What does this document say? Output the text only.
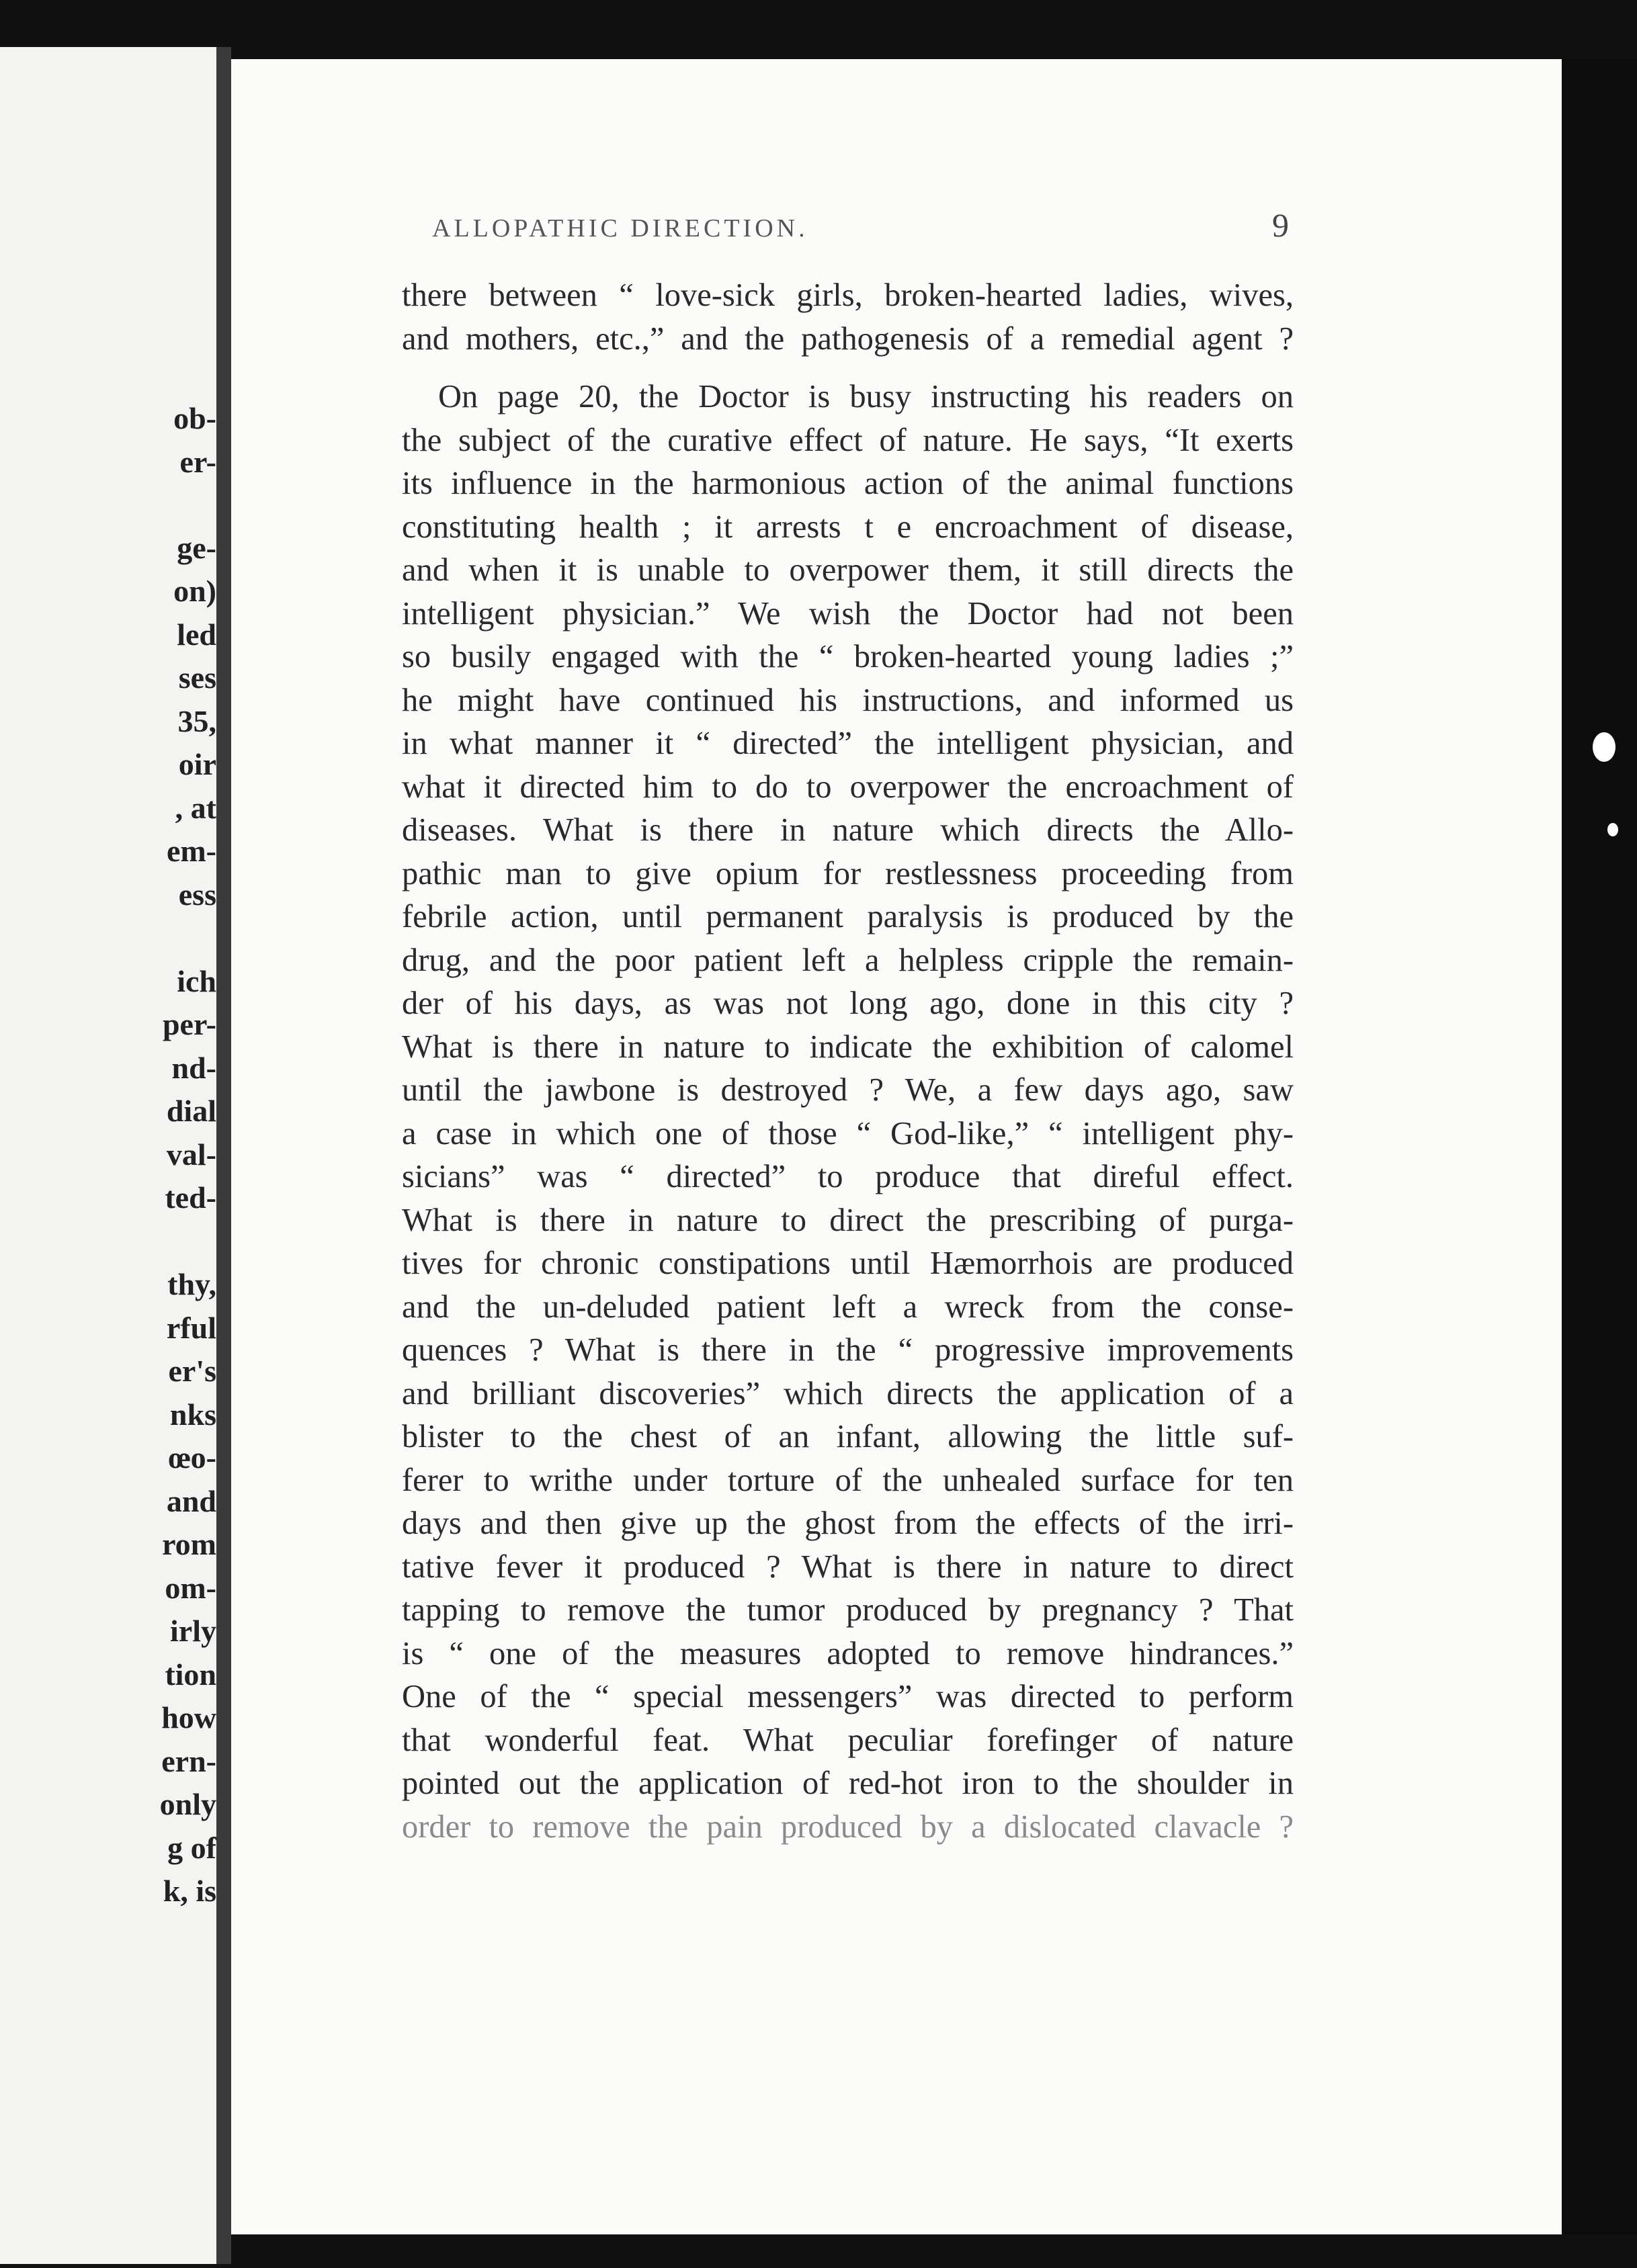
ob-
er-
ge-
on)
led
ses
35,
oir
, at
em-
ess
ich
per-
nd-
dial
val-
ted-
thy,
rful
er's
nks
œo-
and
rom
om-
irly
tion
how
ern-
only
g of
k, is
ALLOPATHIC DIRECTION.	9
there between “ love-sick girls, broken-hearted ladies, wives,
and mothers, etc.,” and the pathogenesis of a remedial agent ?
On page 20, the Doctor is busy instructing his readers on
the subject of the curative effect of nature. He says, “It exerts
its influence in the harmonious action of the animal functions
constituting health ; it arrests t e encroachment of disease,
and when it is unable to overpower them, it still directs the
intelligent physician.” We wish the Doctor had not been
so busily engaged with the “ broken-hearted young ladies ;”
he might have continued his instructions, and informed us
in what manner it “ directed” the intelligent physician, and
what it directed him to do to overpower the encroachment of
diseases. What is there in nature which directs the Allo-
pathic man to give opium for restlessness proceeding from
febrile action, until permanent paralysis is produced by the
drug, and the poor patient left a helpless cripple the remain-
der of his days, as was not long ago, done in this city ?
What is there in nature to indicate the exhibition of calomel
until the jawbone is destroyed ? We, a few days ago, saw
a case in which one of those “ God-like,” “ intelligent phy-
sicians” was “ directed” to produce that direful effect.
What is there in nature to direct the prescribing of purga-
tives for chronic constipations until Hæmorrhois are produced
and the un-deluded patient left a wreck from the conse-
quences ? What is there in the “ progressive improvements
and brilliant discoveries” which directs the application of a
blister to the chest of an infant, allowing the little suf-
ferer to writhe under torture of the unhealed surface for ten
days and then give up the ghost from the effects of the irri-
tative fever it produced ? What is there in nature to direct
tapping to remove the tumor produced by pregnancy ? That
is “ one of the measures adopted to remove hindrances.”
One of the “ special messengers” was directed to perform
that wonderful feat. What peculiar forefinger of nature
pointed out the application of red-hot iron to the shoulder in
order to remove the pain produced by a dislocated clavacle ?
